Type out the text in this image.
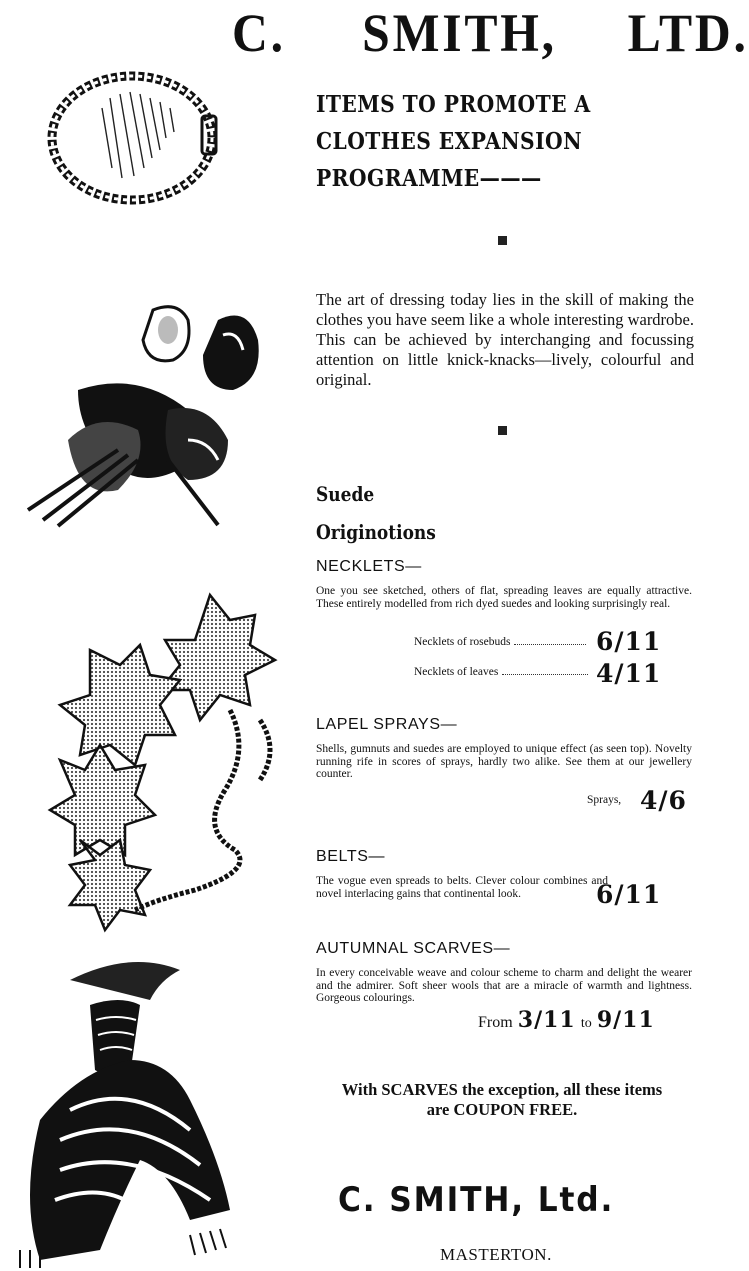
C. SMITH, LTD.
ITEMS TO PROMOTE A
CLOTHES EXPANSION
PROGRAMME———
The art of dressing today lies in the skill of making the clothes you have seem like a whole interesting wardrobe. This can be achieved by interchanging and focussing attention on little knick-knacks—lively, colourful and original.
Suede
Originotions
NECKLETS—
One you see sketched, others of flat, spreading leaves are equally attractive. These entirely modelled from rich dyed suedes and looking surprisingly real.
Necklets of rosebuds	6/11
Necklets of leaves	4/11
LAPEL SPRAYS—
Shells, gumnuts and suedes are employed to unique effect (as seen top). Novelty running rife in scores of sprays, hardly two alike. See them at our jewellery counter.
Sprays, 4/6
BELTS—
The vogue even spreads to belts. Clever colour combines and novel interlacing gains that continental look.	6/11
AUTUMNAL SCARVES—
In every conceivable weave and colour scheme to charm and delight the wearer and the admirer. Soft sheer wools that are a miracle of warmth and lightness. Gorgeous colourings.
From 3/11 to 9/11
With SCARVES the exception, all these items
are COUPON FREE.
C. SMITH, Ltd.
MASTERTON.
